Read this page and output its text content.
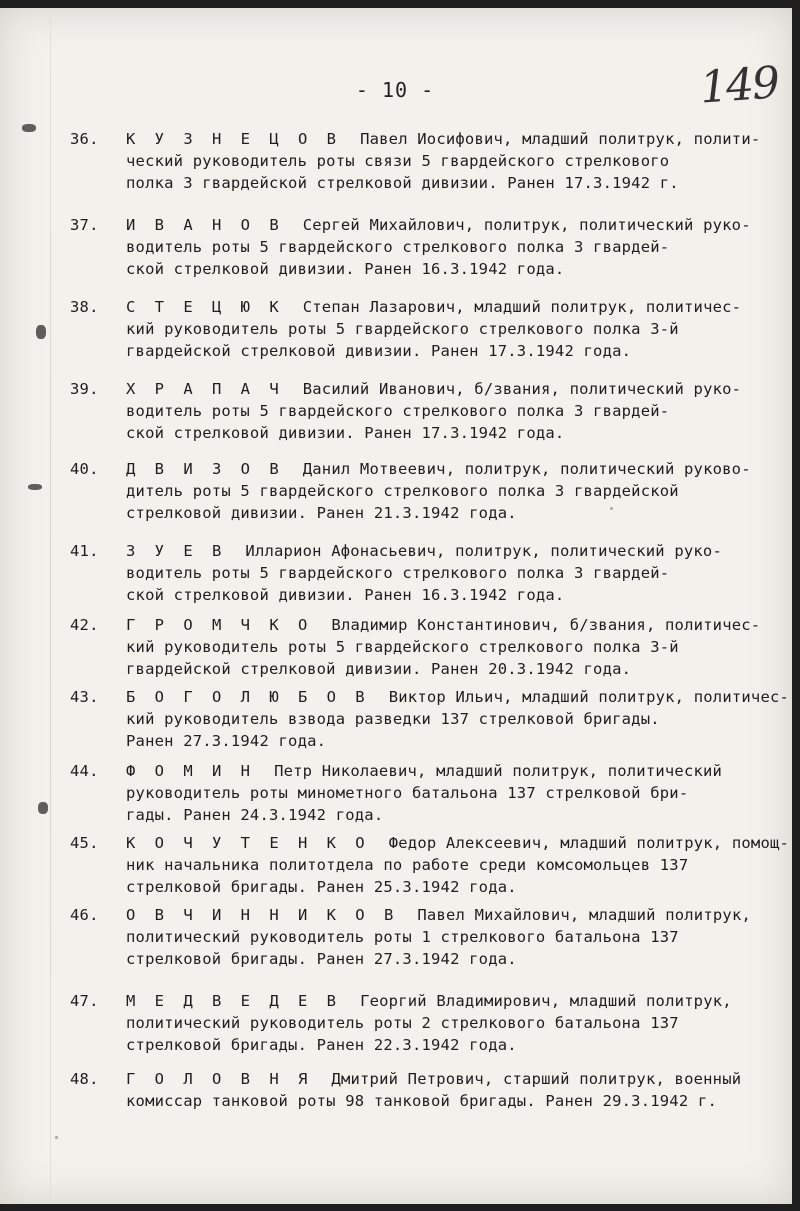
- 10 -	149
36.	К У З Н Е Ц О В Павел Иосифович, младший политрук, полити-
ческий руководитель роты связи 5 гвардейского стрелкового
полка 3 гвардейской стрелковой дивизии. Ранен 17.3.1942 г.
37.	И В А Н О В Сергей Михайлович, политрук, политический руко-
водитель роты 5 гвардейского стрелкового полка 3 гвардей-
ской стрелковой дивизии. Ранен 16.3.1942 года.
38.	С Т Е Ц Ю К Степан Лазарович, младший политрук, политичес-
кий руководитель роты 5 гвардейского стрелкового полка 3-й
гвардейской стрелковой дивизии. Ранен 17.3.1942 года.
39.	Х Р А П А Ч Василий Иванович, б/звания, политический руко-
водитель роты 5 гвардейского стрелкового полка 3 гвардей-
ской стрелковой дивизии. Ранен 17.3.1942 года.
40.	Д В И З О В Данил Мотвеевич, политрук, политический руково-
дитель роты 5 гвардейского стрелкового полка 3 гвардейской
стрелковой дивизии. Ранен 21.3.1942 года.
41.	З У Е В Илларион Афонасьевич, политрук, политический руко-
водитель роты 5 гвардейского стрелкового полка 3 гвардей-
ской стрелковой дивизии. Ранен 16.3.1942 года.
42.	Г Р О М Ч К О Владимир Константинович, б/звания, политичес-
кий руководитель роты 5 гвардейского стрелкового полка 3-й
гвардейской стрелковой дивизии. Ранен 20.3.1942 года.
43.	Б О Г О Л Ю Б О В Виктор Ильич, младший политрук, политичес-
кий руководитель взвода разведки 137 стрелковой бригады.
Ранен 27.3.1942 года.
44.	Ф О М И Н Петр Николаевич, младший политрук, политический
руководитель роты минометного батальона 137 стрелковой бри-
гады. Ранен 24.3.1942 года.
45.	К О Ч У Т Е Н К О Федор Алексеевич, младший политрук, помощ-
ник начальника политотдела по работе среди комсомольцев 137
стрелковой бригады. Ранен 25.3.1942 года.
46.	О В Ч И Н Н И К О В Павел Михайлович, младший политрук,
политический руководитель роты 1 стрелкового батальона 137
стрелковой бригады. Ранен 27.3.1942 года.
47.	М Е Д В Е Д Е В Георгий Владимирович, младший политрук,
политический руководитель роты 2 стрелкового батальона 137
стрелковой бригады. Ранен 22.3.1942 года.
48.	Г О Л О В Н Я Дмитрий Петрович, старший политрук, военный
комиссар танковой роты 98 танковой бригады. Ранен 29.3.1942 г.
